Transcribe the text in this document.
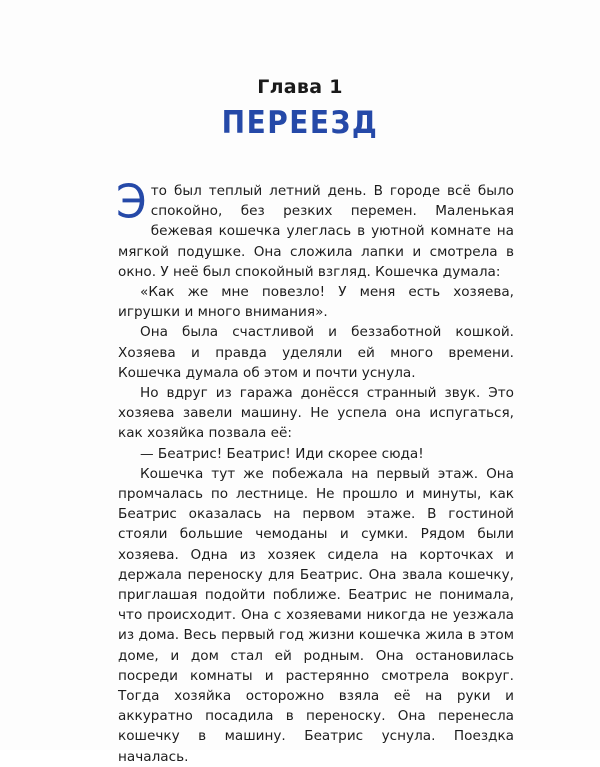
Глава 1
ПЕРЕЕЗД

Это был теплый летний день. В городе всё было спокойно, без резких перемен. Маленькая бежевая кошечка улеглась в уютной комнате на мягкой подушке. Она сложила лапки и смотрела в окно. У неё был спокойный взгляд. Кошечка думала:

«Как же мне повезло! У меня есть хозяева, игрушки и много внимания».

Она была счастливой и беззаботной кошкой. Хозяева и правда уделяли ей много времени. Кошечка думала об этом и почти уснула.

Но вдруг из гаража донёсся странный звук. Это хозяева завели машину. Не успела она испугаться, как хозяйка позвала её:

— Беатрис! Беатрис! Иди скорее сюда!

Кошечка тут же побежала на первый этаж. Она промчалась по лестнице. Не прошло и минуты, как Беатрис оказалась на первом этаже. В гостиной стояли большие чемоданы и сумки. Рядом были хозяева. Одна из хозяек сидела на корточках и держала переноску для Беатрис. Она звала кошечку, приглашая подойти поближе. Беатрис не понимала, что происходит. Она с хозяевами никогда не уезжала из дома. Весь первый год жизни кошечка жила в этом доме, и дом стал ей родным. Она остановилась посреди комнаты и растерянно смотрела вокруг. Тогда хозяйка осторожно взяла её на руки и аккуратно посадила в переноску. Она перенесла кошечку в машину. Беатрис уснула. Поездка началась.
